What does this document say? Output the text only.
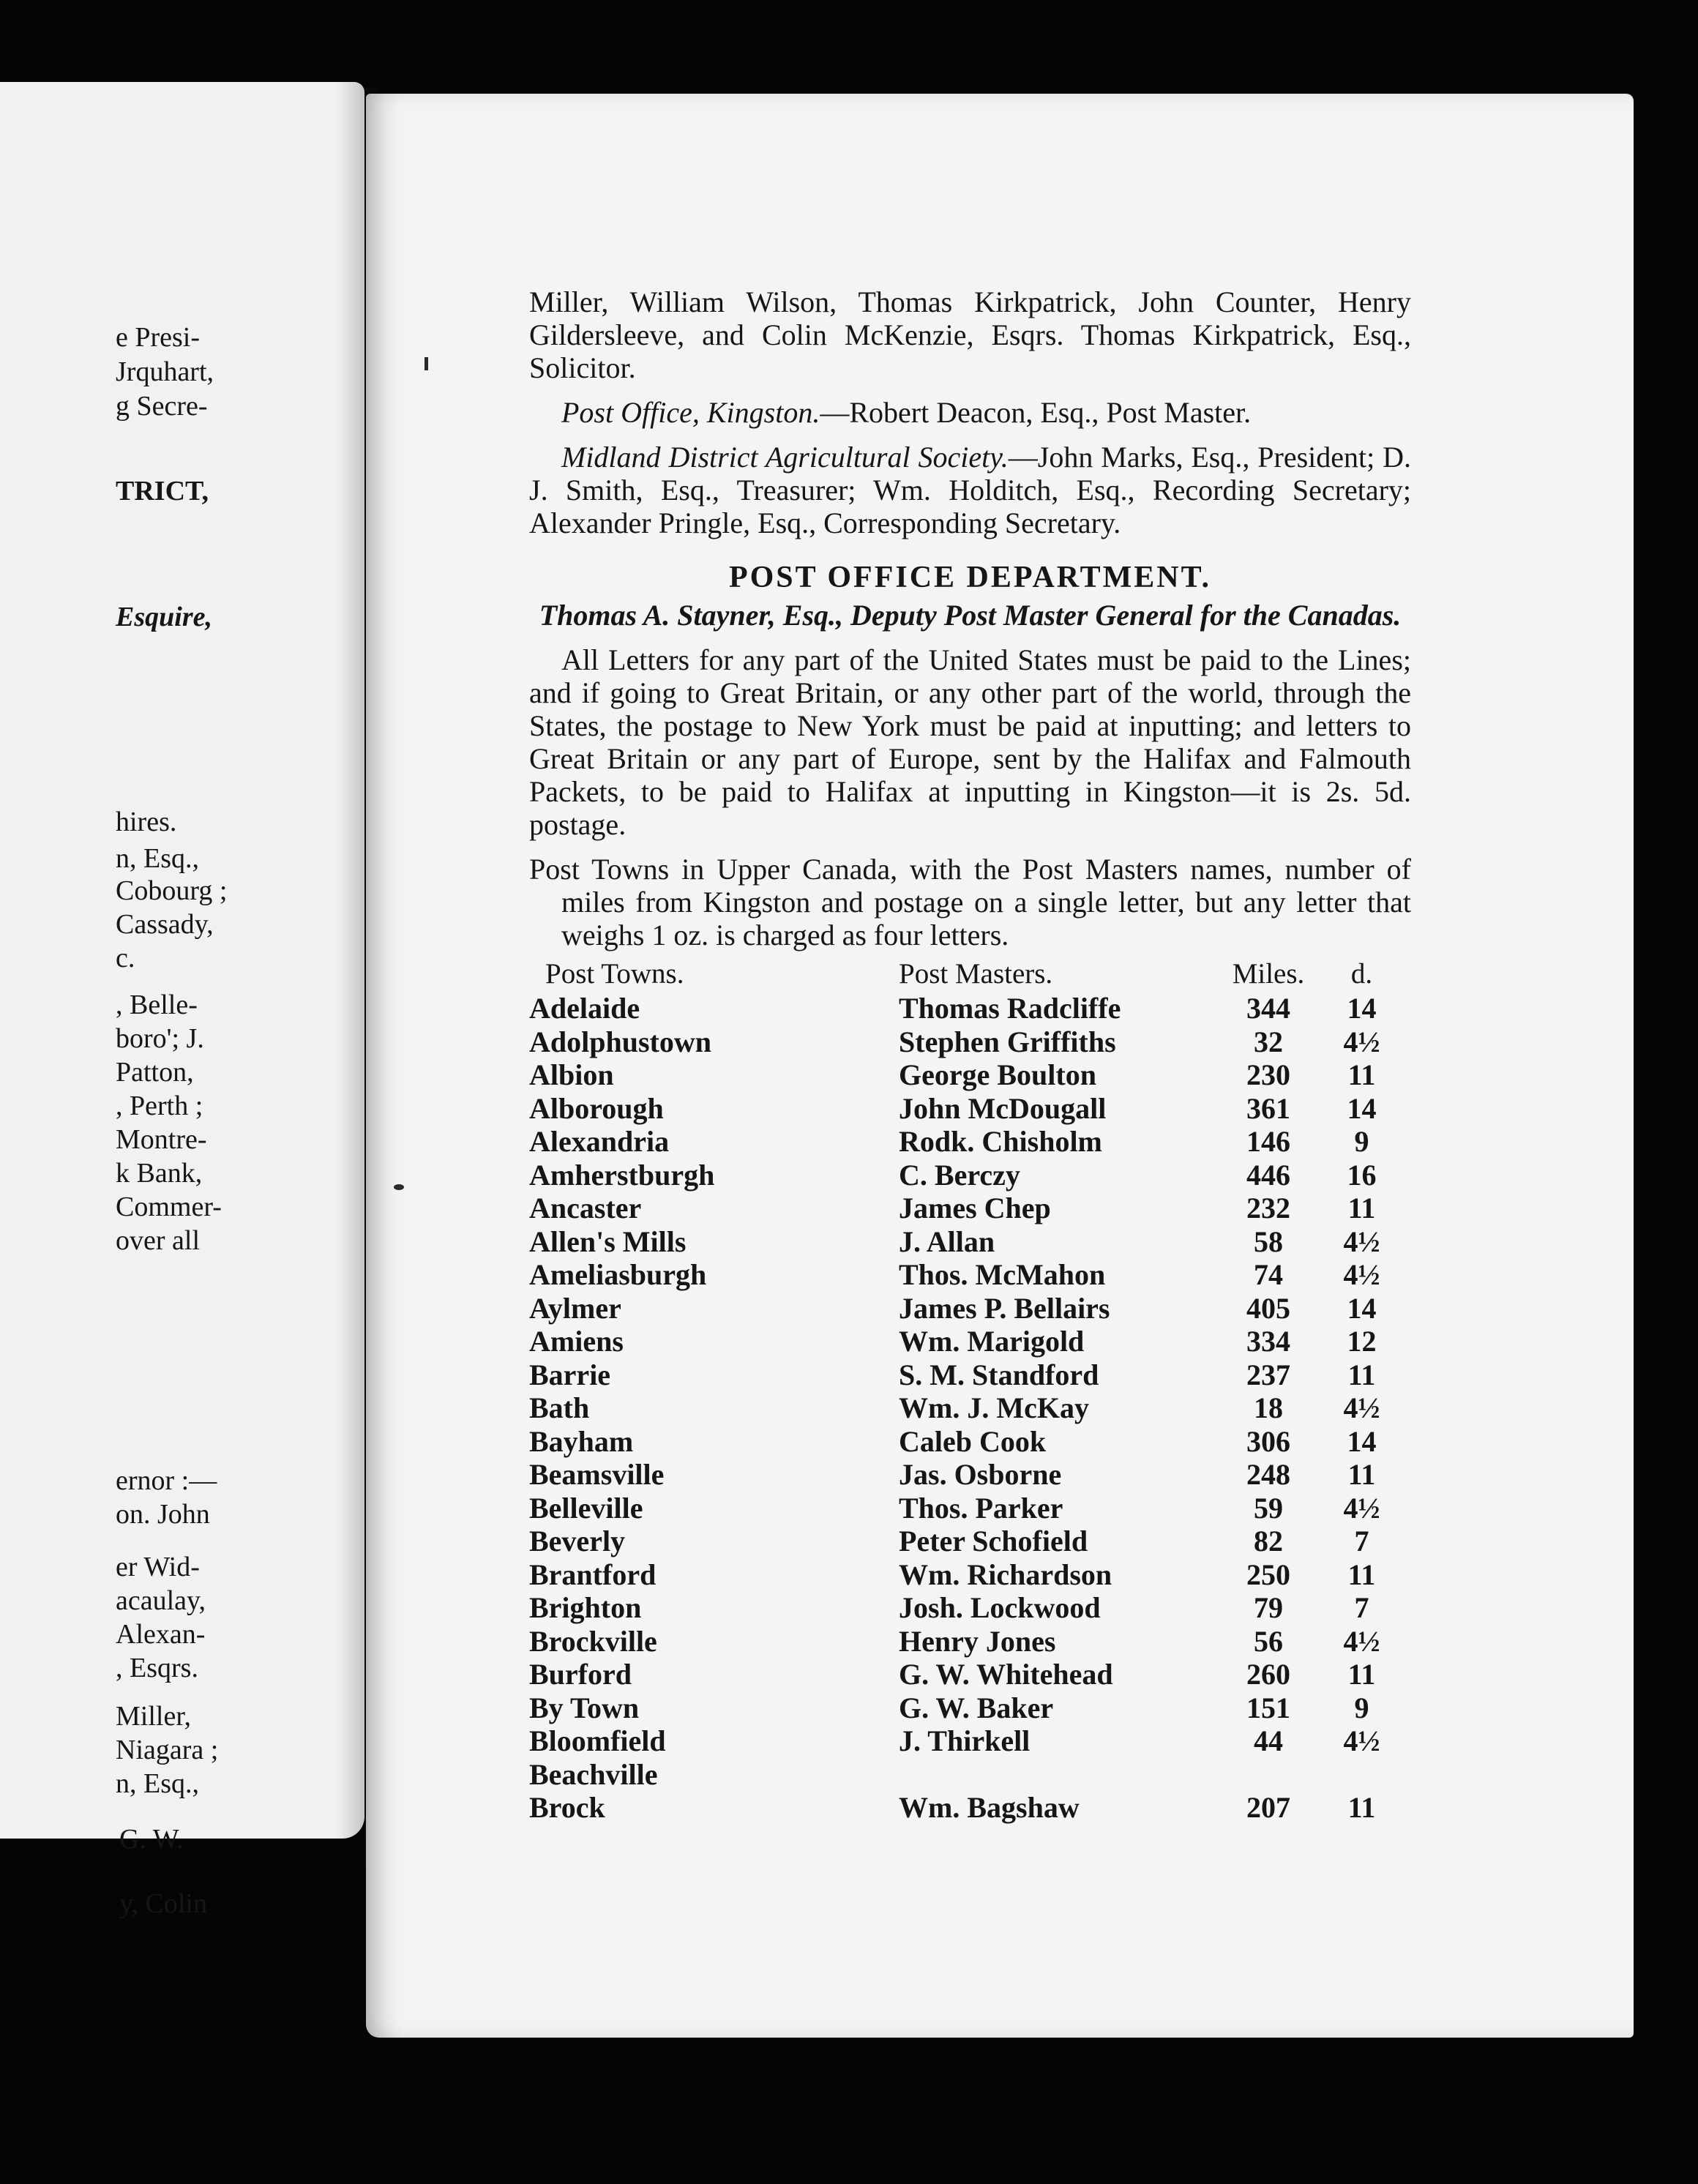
e Presi-
Jrquhart,
g Secre-
TRICT,
Esquire,
hires.
n, Esq.,
Cobourg ;
Cassady,
c.
, Belle-
boro'; J.
Patton,
, Perth ;
Montre-
k Bank,
Commer-
over all
ernor :—
on. John
er Wid-
acaulay,
Alexan-
, Esqrs.
Miller,
Niagara ;
n, Esq.,
G. W.
y, Colin

Miller, William Wilson, Thomas Kirkpatrick, John Counter, Henry Gildersleeve, and Colin McKenzie, Esqrs. Thomas Kirkpatrick, Esq., Solicitor.

Post Office, Kingston.—Robert Deacon, Esq., Post Master.

Midland District Agricultural Society.—John Marks, Esq., President; D. J. Smith, Esq., Treasurer; Wm. Holditch, Esq., Recording Secretary; Alexander Pringle, Esq., Corresponding Secretary.

POST OFFICE DEPARTMENT.
Thomas A. Stayner, Esq., Deputy Post Master General for the Canadas.

All Letters for any part of the United States must be paid to the Lines; and if going to Great Britain, or any other part of the world, through the States, the postage to New York must be paid at inputting; and letters to Great Britain or any part of Europe, sent by the Halifax and Falmouth Packets, to be paid to Halifax at inputting in Kingston—it is 2s. 5d. postage.

Post Towns in Upper Canada, with the Post Masters names, number of miles from Kingston and postage on a single letter, but any letter that weighs 1 oz. is charged as four letters.

Post Towns.	Post Masters.	Miles.	d.
Adelaide	Thomas Radcliffe	344	14
Adolphustown	Stephen Griffiths	32	4½
Albion	George Boulton	230	11
Alborough	John McDougall	361	14
Alexandria	Rodk. Chisholm	146	9
Amherstburgh	C. Berczy	446	16
Ancaster	James Chep	232	11
Allen's Mills	J. Allan	58	4½
Ameliasburgh	Thos. McMahon	74	4½
Aylmer	James P. Bellairs	405	14
Amiens	Wm. Marigold	334	12
Barrie	S. M. Standford	237	11
Bath	Wm. J. McKay	18	4½
Bayham	Caleb Cook	306	14
Beamsville	Jas. Osborne	248	11
Belleville	Thos. Parker	59	4½
Beverly	Peter Schofield	82	7
Brantford	Wm. Richardson	250	11
Brighton	Josh. Lockwood	79	7
Brockville	Henry Jones	56	4½
Burford	G. W. Whitehead	260	11
By Town	G. W. Baker	151	9
Bloomfield	J. Thirkell	44	4½
Beachville
Brock	Wm. Bagshaw	207	11
